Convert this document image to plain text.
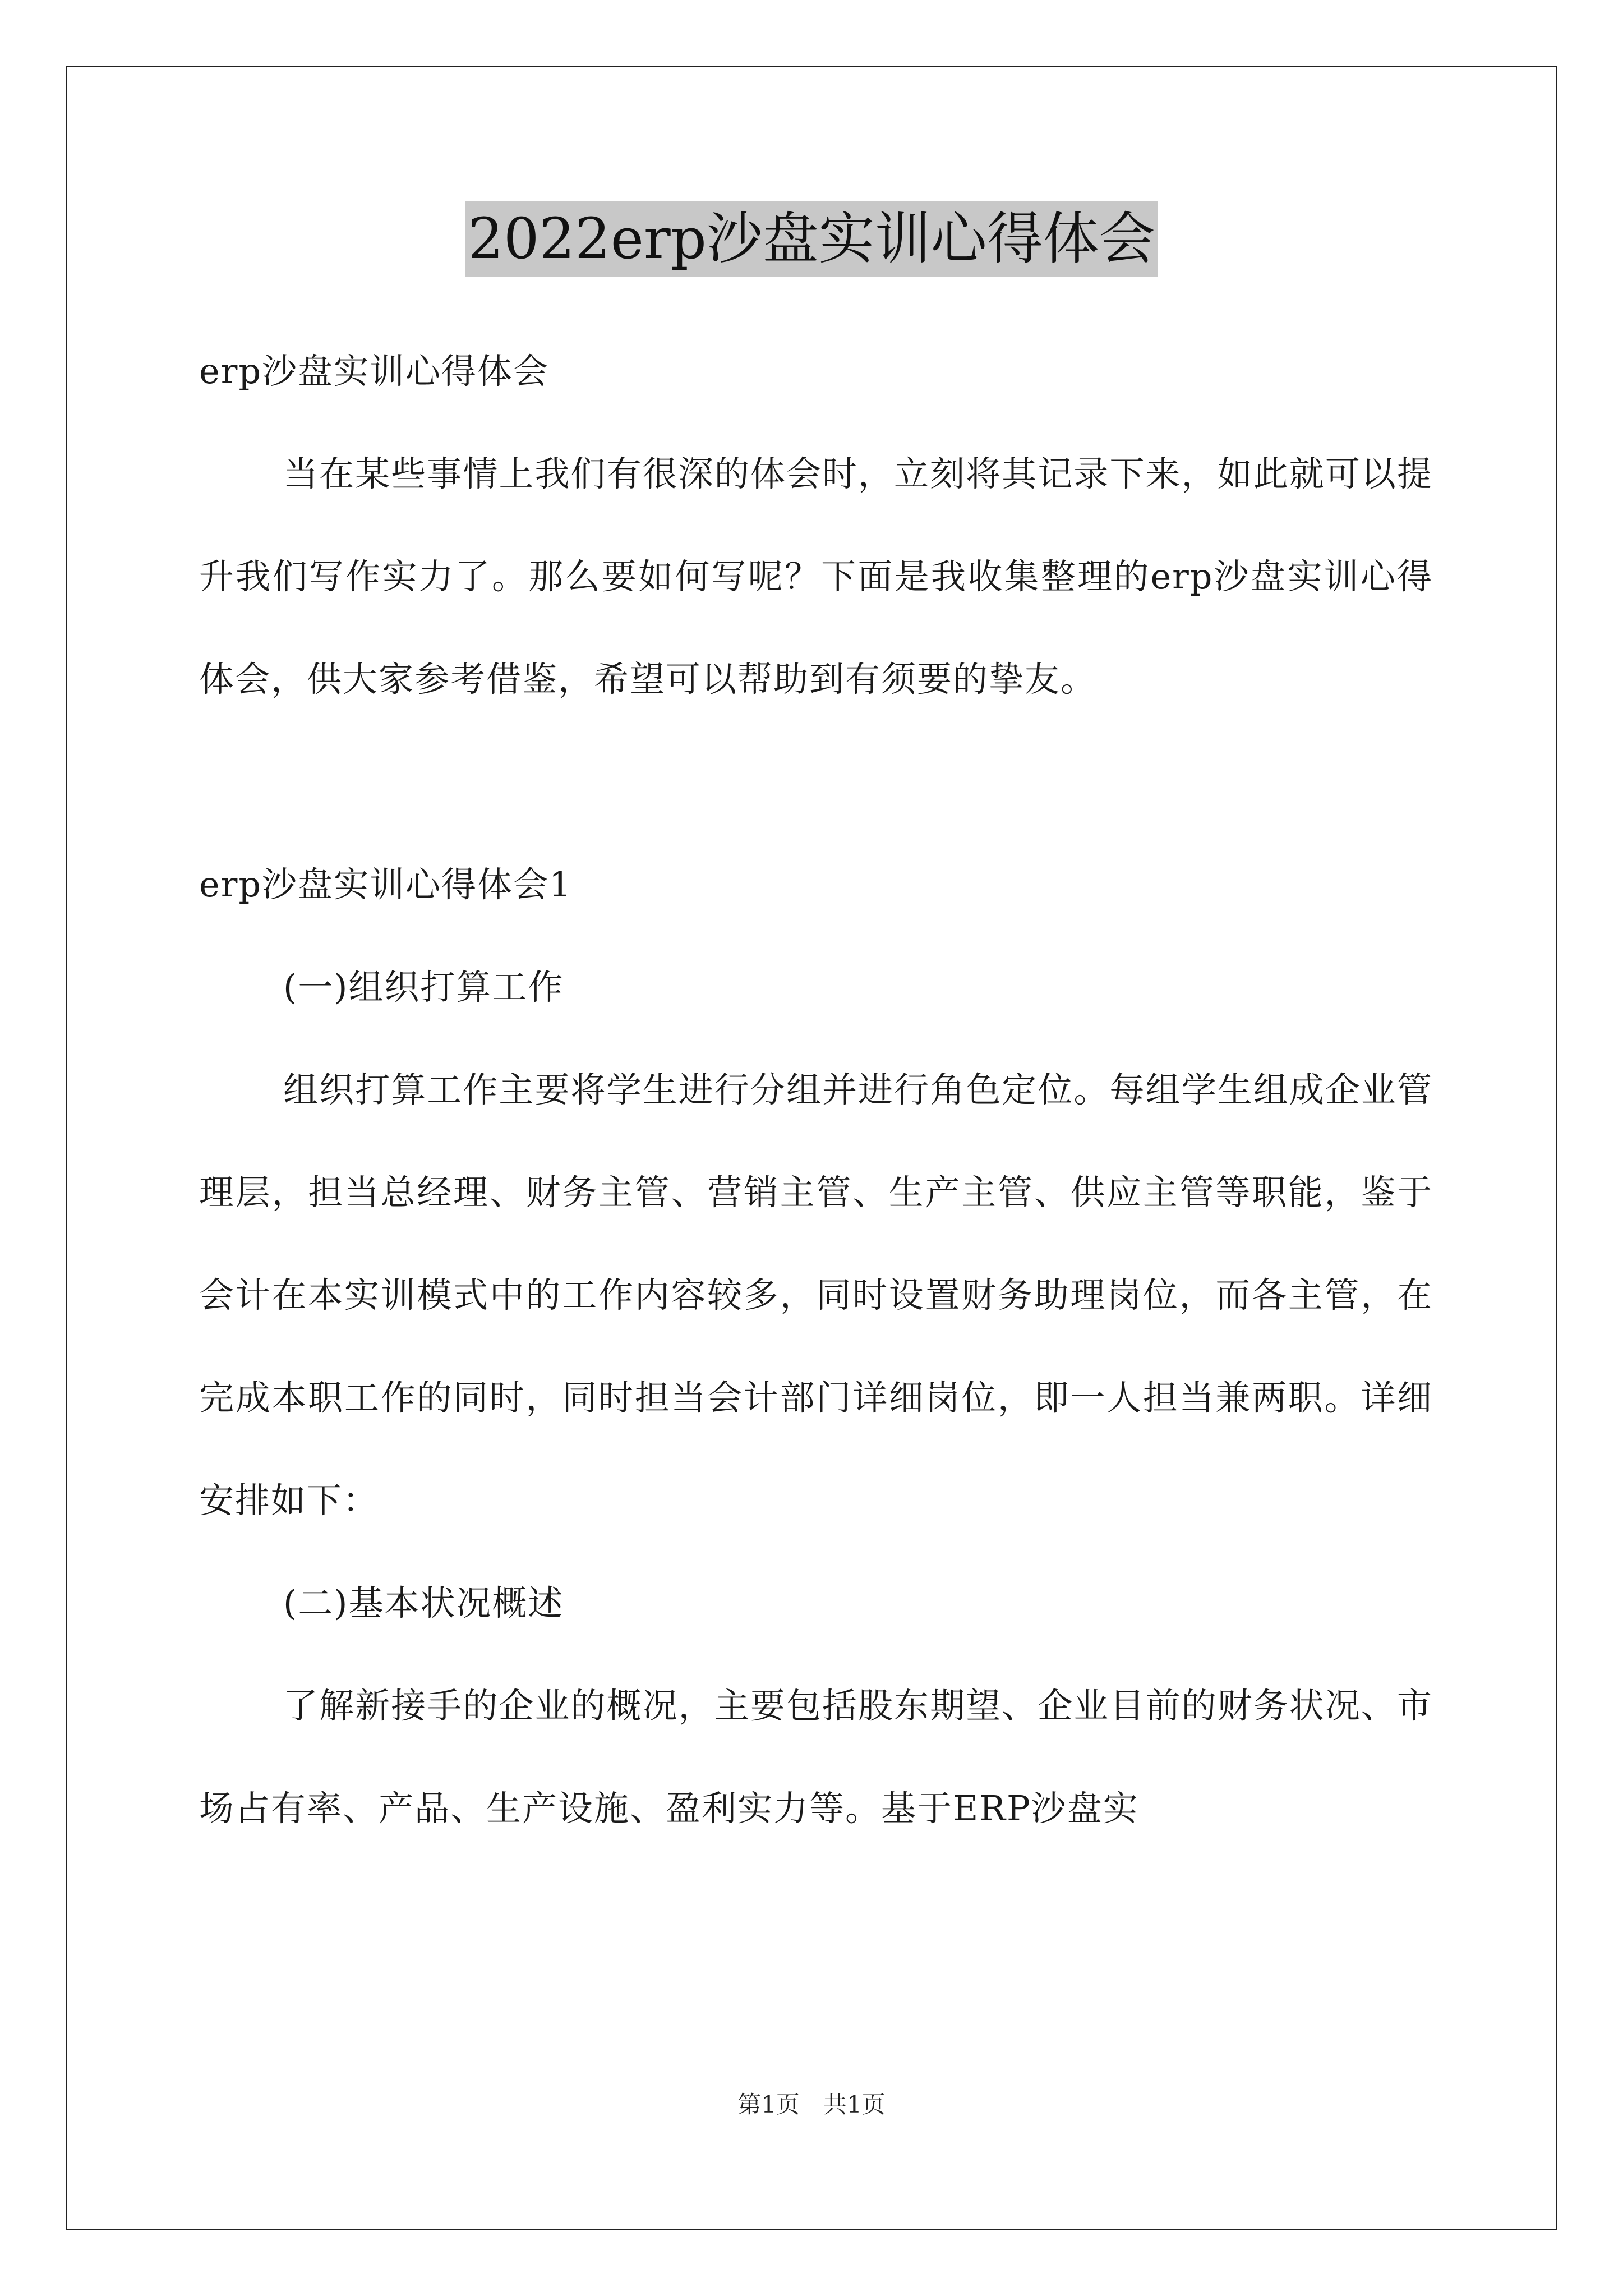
2022erp沙盘实训心得体会

erp沙盘实训心得体会

当在某些事情上我们有很深的体会时，立刻将其记录下来，如此就可以提升我们写作实力了。那么要如何写呢？下面是我收集整理的erp沙盘实训心得体会，供大家参考借鉴，希望可以帮助到有须要的挚友。

erp沙盘实训心得体会1

(一)组织打算工作

组织打算工作主要将学生进行分组并进行角色定位。每组学生组成企业管理层，担当总经理、财务主管、营销主管、生产主管、供应主管等职能，鉴于会计在本实训模式中的工作内容较多，同时设置财务助理岗位，而各主管，在完成本职工作的同时，同时担当会计部门详细岗位，即一人担当兼两职。详细安排如下：

(二)基本状况概述

了解新接手的企业的概况，主要包括股东期望、企业目前的财务状况、市场占有率、产品、生产设施、盈利实力等。基于ERP沙盘实

第1页 共1页
